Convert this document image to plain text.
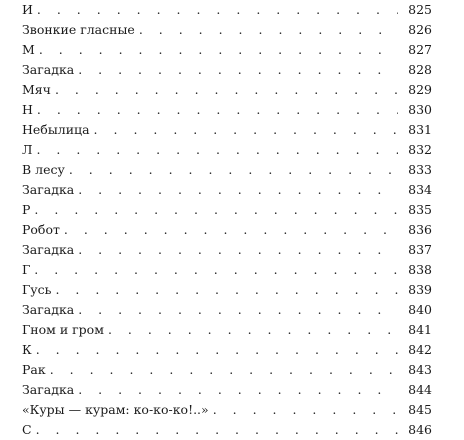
И . . .	825
Звонкие гласные . . .	826
М . . .	827
Загадка . . .	828
Мяч . . .	829
Н . . .	830
Небылица . . .	831
Л . . .	832
В лесу . . .	833
Загадка . . .	834
Р . . .	835
Робот . . .	836
Загадка . . .	837
Г . . .	838
Гусь . . .	839
Загадка . . .	840
Гном и гром . . .	841
К . . .	842
Рак . . .	843
Загадка . . .	844
«Куры — курам: ко-ко-ко!..» . . .	845
С . . .	846
